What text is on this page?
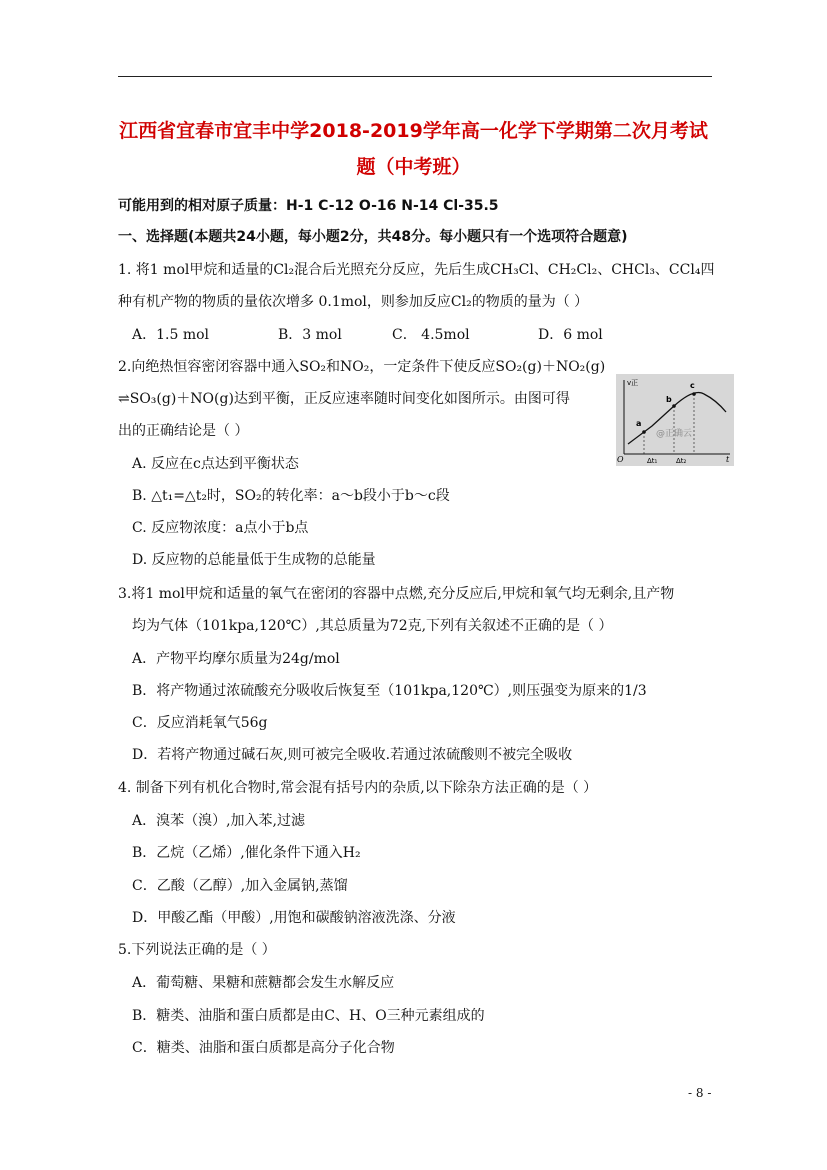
江西省宜春市宜丰中学2018-2019学年高一化学下学期第二次月考试
题（中考班）
可能用到的相对原子质量：H-1 C-12 O-16 N-14 Cl-35.5
一、选择题(本题共24小题，每小题2分，共48分。每小题只有一个选项符合题意)
1. 将1 mol甲烷和适量的Cl₂混合后光照充分反应，先后生成CH₃Cl、CH₂Cl₂、CHCl₃、CCl₄四
种有机产物的物质的量依次增多 0.1mol，则参加反应Cl₂的物质的量为（ ）
A．1.5 mol	B．3 mol	C． 4.5mol	D．6 mol
2.向绝热恒容密闭容器中通入SO₂和NO₂，一定条件下使反应SO₂(g)＋NO₂(g)
⇌SO₃(g)＋NO(g)达到平衡，正反应速率随时间变化如图所示。由图可得
出的正确结论是（ ）
v正
O	t
a
b
c
Δt₁	Δt₂
@正确云
A. 反应在c点达到平衡状态
B. △t₁=△t₂时，SO₂的转化率：a～b段小于b～c段
C. 反应物浓度：a点小于b点
D. 反应物的总能量低于生成物的总能量
3.将1 mol甲烷和适量的氧气在密闭的容器中点燃,充分反应后,甲烷和氧气均无剩余,且产物
均为气体（101kpa,120℃）,其总质量为72克,下列有关叙述不正确的是（ ）
A．产物平均摩尔质量为24g/mol
B．将产物通过浓硫酸充分吸收后恢复至（101kpa,120℃）,则压强变为原来的1/3
C．反应消耗氧气56g
D．若将产物通过碱石灰,则可被完全吸收.若通过浓硫酸则不被完全吸收
4. 制备下列有机化合物时,常会混有括号内的杂质,以下除杂方法正确的是（ ）
A．溴苯（溴）,加入苯,过滤
B．乙烷（乙烯）,催化条件下通入H₂
C．乙酸（乙醇）,加入金属钠,蒸馏
D．甲酸乙酯（甲酸）,用饱和碳酸钠溶液洗涤、分液
5.下列说法正确的是（ ）
A．葡萄糖、果糖和蔗糖都会发生水解反应
B．糖类、油脂和蛋白质都是由C、H、O三种元素组成的
C．糖类、油脂和蛋白质都是高分子化合物
- 8 -
